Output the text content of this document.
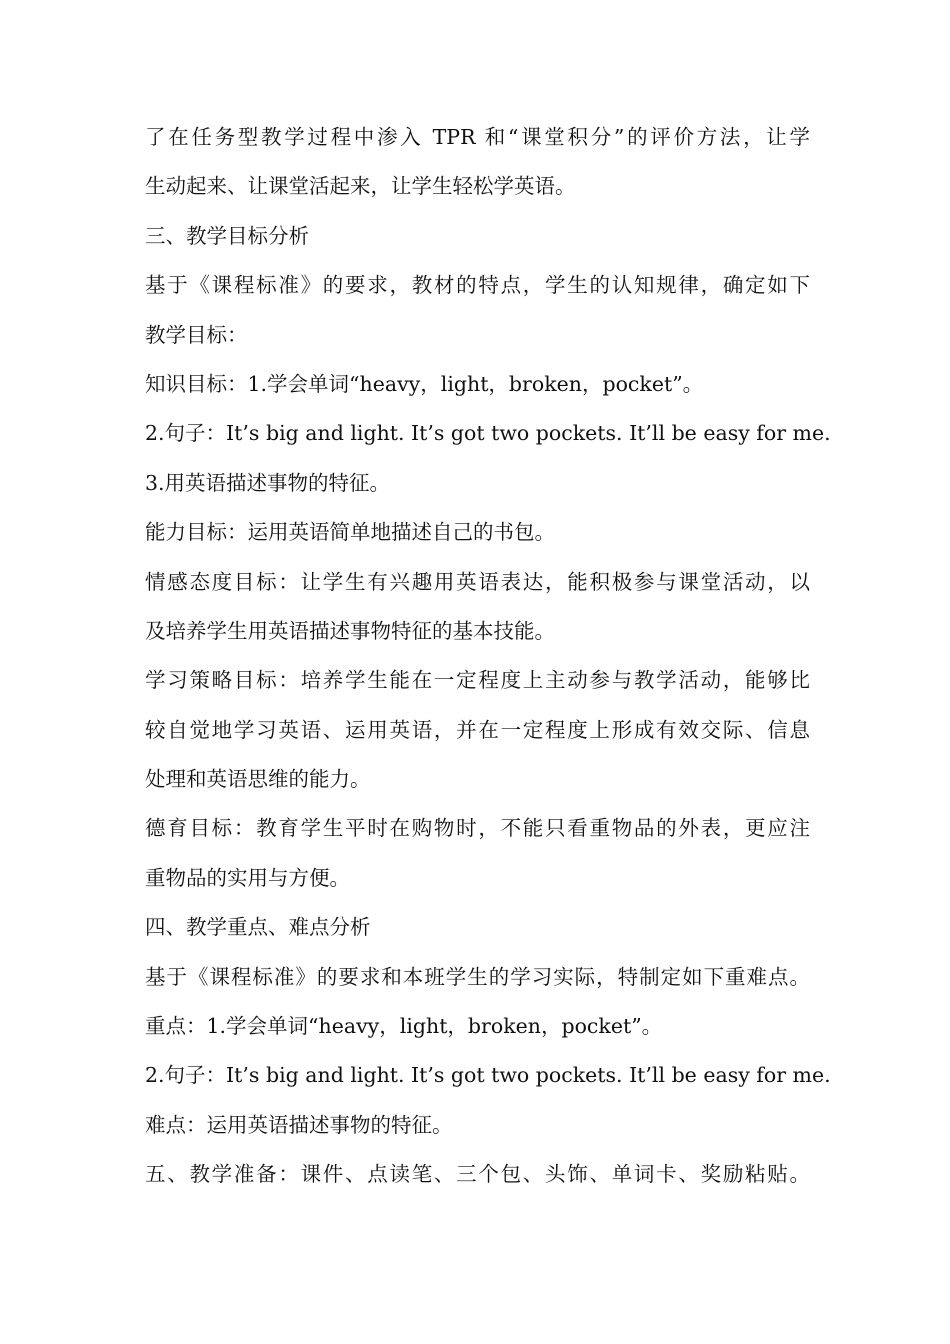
了在任务型教学过程中渗入 TPR 和“课堂积分”的评价方法，让学
生动起来、让课堂活起来，让学生轻松学英语。
三、教学目标分析
基于《课程标准》的要求，教材的特点，学生的认知规律，确定如下
教学目标：
知识目标：1.学会单词“heavy，light，broken，pocket”。
2.句子：It’s big and light. It’s got two pockets. It’ll be easy for me.
3.用英语描述事物的特征。
能力目标：运用英语简单地描述自己的书包。
情感态度目标：让学生有兴趣用英语表达，能积极参与课堂活动，以
及培养学生用英语描述事物特征的基本技能。
学习策略目标：培养学生能在一定程度上主动参与教学活动，能够比
较自觉地学习英语、运用英语，并在一定程度上形成有效交际、信息
处理和英语思维的能力。
德育目标：教育学生平时在购物时，不能只看重物品的外表，更应注
重物品的实用与方便。
四、教学重点、难点分析
基于《课程标准》的要求和本班学生的学习实际，特制定如下重难点。
重点：1.学会单词“heavy，light，broken，pocket”。
2.句子：It’s big and light. It’s got two pockets. It’ll be easy for me.
难点：运用英语描述事物的特征。
五、教学准备：课件、点读笔、三个包、头饰、单词卡、奖励粘贴。
